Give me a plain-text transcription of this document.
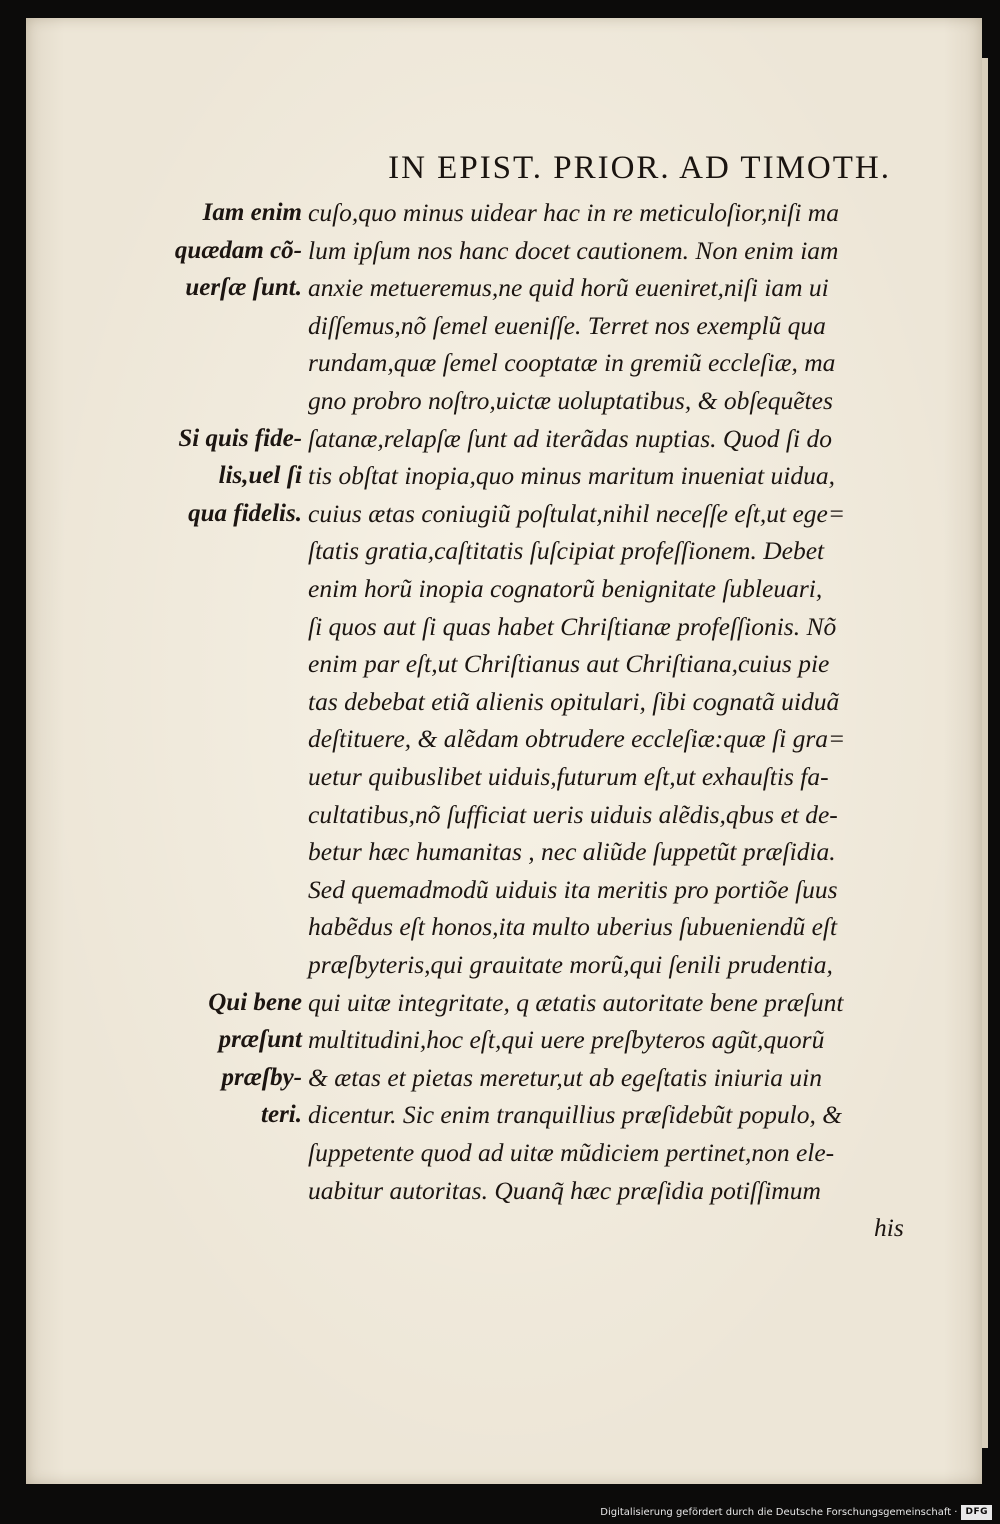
IN EPIST. PRIOR. AD TIMOTH.
cuſo,quo minus uidear hac in re meticuloſior,niſi ma
lum ipſum nos hanc docet cautionem. Non enim iam
anxie metueremus,ne quid horũ eueniret,niſi iam ui
diſſemus,nõ ſemel eueniſſe. Terret nos exemplũ qua
rundam,quæ ſemel cooptatæ in gremiũ eccleſiæ, ma
gno probro noſtro,uictæ uoluptatibus, & obſequẽtes
ſatanæ,relapſæ ſunt ad iterãdas nuptias. Quod ſi do
tis obſtat inopia,quo minus maritum inueniat uidua,
cuius ætas coniugiũ poſtulat,nihil neceſſe eſt,ut ege=
ſtatis gratia,caſtitatis ſuſcipiat profeſſionem. Debet
enim horũ inopia cognatorũ benignitate ſubleuari,
ſi quos aut ſi quas habet Chriſtianæ profeſſionis. Nõ
enim par eſt,ut Chriſtianus aut Chriſtiana,cuius pie
tas debebat etiã alienis opitulari, ſibi cognatã uiduã
deſtituere, & alẽdam obtrudere eccleſiæ:quæ ſi gra=
uetur quibuslibet uiduis,futurum eſt,ut exhauſtis fa-
cultatibus,nõ ſufficiat ueris uiduis alẽdis,qbus et de-
betur hæc humanitas , nec aliũde ſuppetũt præſidia.
Sed quemadmodũ uiduis ita meritis pro portiõe ſuus
habẽdus eſt honos,ita multo uberius ſubueniendũ eſt
præſbyteris,qui grauitate morũ,qui ſenili prudentia,
qui uitæ integritate, q ætatis autoritate bene præſunt
multitudini,hoc eſt,qui uere preſbyteros agũt,quorũ
& ætas et pietas meretur,ut ab egeſtatis iniuria uin
dicentur. Sic enim tranquillius præſidebũt populo, &
ſuppetente quod ad uitæ mũdiciem pertinet,non ele-
uabitur autoritas. Quanq̃ hæc præſidia potiſſimum
Iam enim
quædam cõ-
uerſæ ſunt.
Si quis fide-
lis,uel ſi
qua fidelis.
Qui bene
præſunt
præſby-
teri.
his
Digitalisierung gefördert durch die Deutsche Forschungsgemeinschaft · DFG
